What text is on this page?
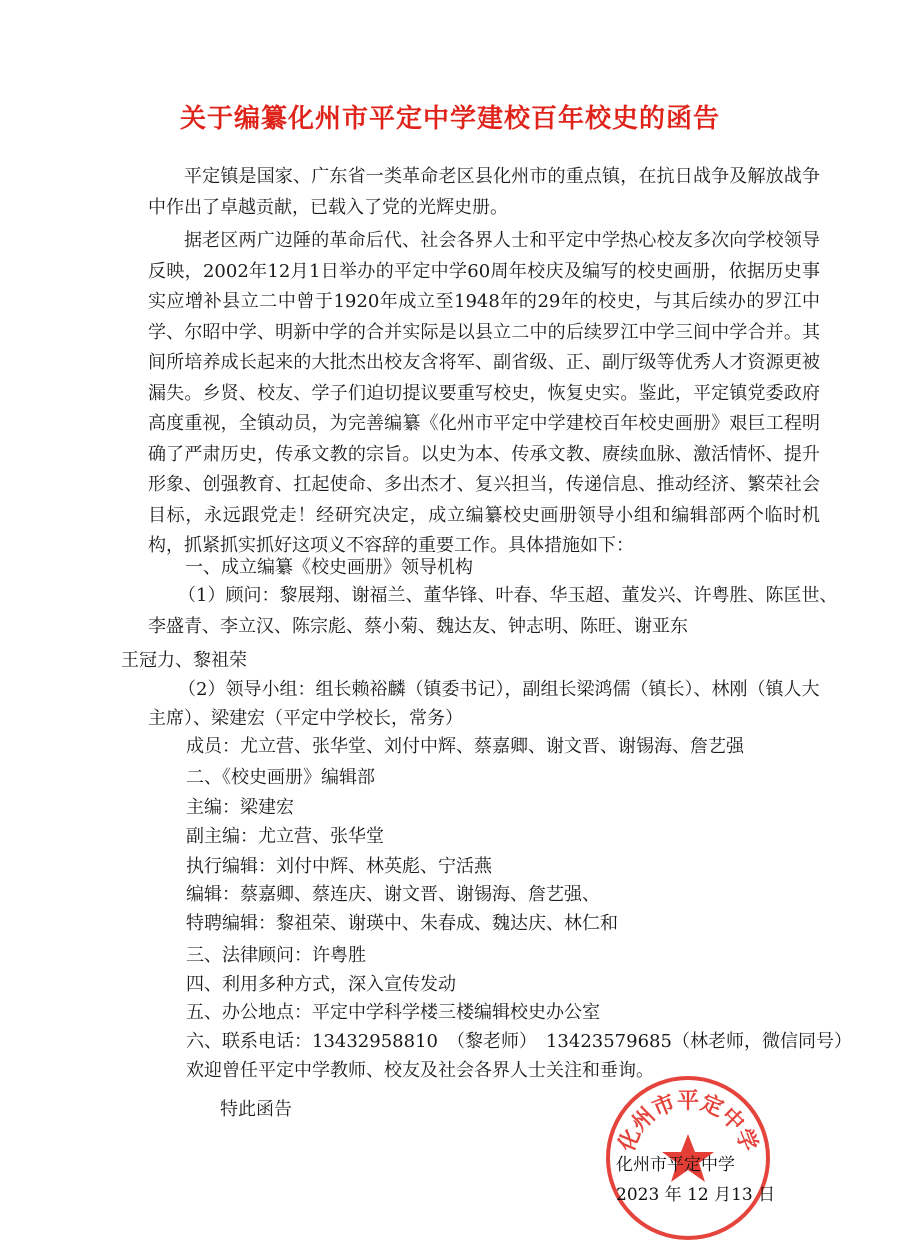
关于编纂化州市平定中学建校百年校史的函告
平定镇是国家、广东省一类革命老区县化州市的重点镇，在抗日战争及解放战争中作出了卓越贡献，已载入了党的光辉史册。
据老区两广边陲的革命后代、社会各界人士和平定中学热心校友多次向学校领导反映，2002年12月1日举办的平定中学60周年校庆及编写的校史画册，依据历史事实应增补县立二中曾于1920年成立至1948年的29年的校史，与其后续办的罗江中学、尔昭中学、明新中学的合并实际是以县立二中的后续罗江中学三间中学合并。其间所培养成长起来的大批杰出校友含将军、副省级、正、副厅级等优秀人才资源更被漏失。乡贤、校友、学子们迫切提议要重写校史，恢复史实。鉴此，平定镇党委政府高度重视，全镇动员，为完善编纂《化州市平定中学建校百年校史画册》艰巨工程明确了严肃历史，传承文教的宗旨。以史为本、传承文教、赓续血脉、激活情怀、提升形象、创强教育、扛起使命、多出杰才、复兴担当，传递信息、推动经济、繁荣社会目标，永远跟党走！经研究决定，成立编纂校史画册领导小组和编辑部两个临时机构，抓紧抓实抓好这项义不容辞的重要工作。具体措施如下：
一、成立编纂《校史画册》领导机构
（1）顾问：黎展翔、谢福兰、董华锋、叶春、华玉超、董发兴、许粤胜、陈匡世、
李盛青、李立汉、陈宗彪、蔡小菊、魏达友、钟志明、陈旺、谢亚东
王冠力、黎祖荣
（2）领导小组：组长赖裕麟（镇委书记），副组长梁鸿儒（镇长）、林刚（镇人大
主席）、梁建宏（平定中学校长，常务）
成员：尤立营、张华堂、刘付中辉、蔡嘉卿、谢文晋、谢锡海、詹艺强
二、《校史画册》编辑部
主编：梁建宏
副主编：尤立营、张华堂
执行编辑：刘付中辉、林英彪、宁活燕
编辑：蔡嘉卿、蔡连庆、谢文晋、谢锡海、詹艺强、
特聘编辑：黎祖荣、谢瑛中、朱春成、魏达庆、林仁和
三、法律顾问：许粤胜
四、利用多种方式，深入宣传发动
五、办公地点：平定中学科学楼三楼编辑校史办公室
六、联系电话：13432958810　（黎老师）　13423579685（林老师，微信同号）
欢迎曾任平定中学教师、校友及社会各界人士关注和垂询。
特此函告
化州市平定中学
化州市平定中学
2023 年 12 月13 日
